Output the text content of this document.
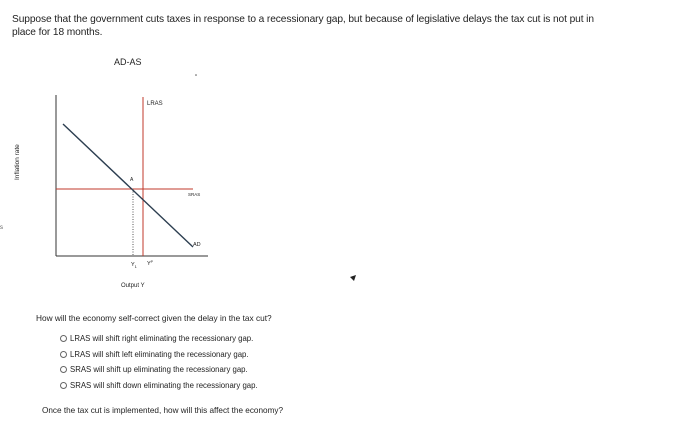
Suppose that the government cuts taxes in response to a recessionary gap, but because of legislative delays the tax cut is not put in place for 18 months.
AD-AS
Inflation rate
s
LRAS
SRAS
AD
A
$Y_1$ $Y^P$
Output Y
How will the economy self-correct given the delay in the tax cut?
LRAS will shift right eliminating the recessionary gap.
LRAS will shift left eliminating the recessionary gap.
SRAS will shift up eliminating the recessionary gap.
SRAS will shift down eliminating the recessionary gap.
Once the tax cut is implemented, how will this affect the economy?
